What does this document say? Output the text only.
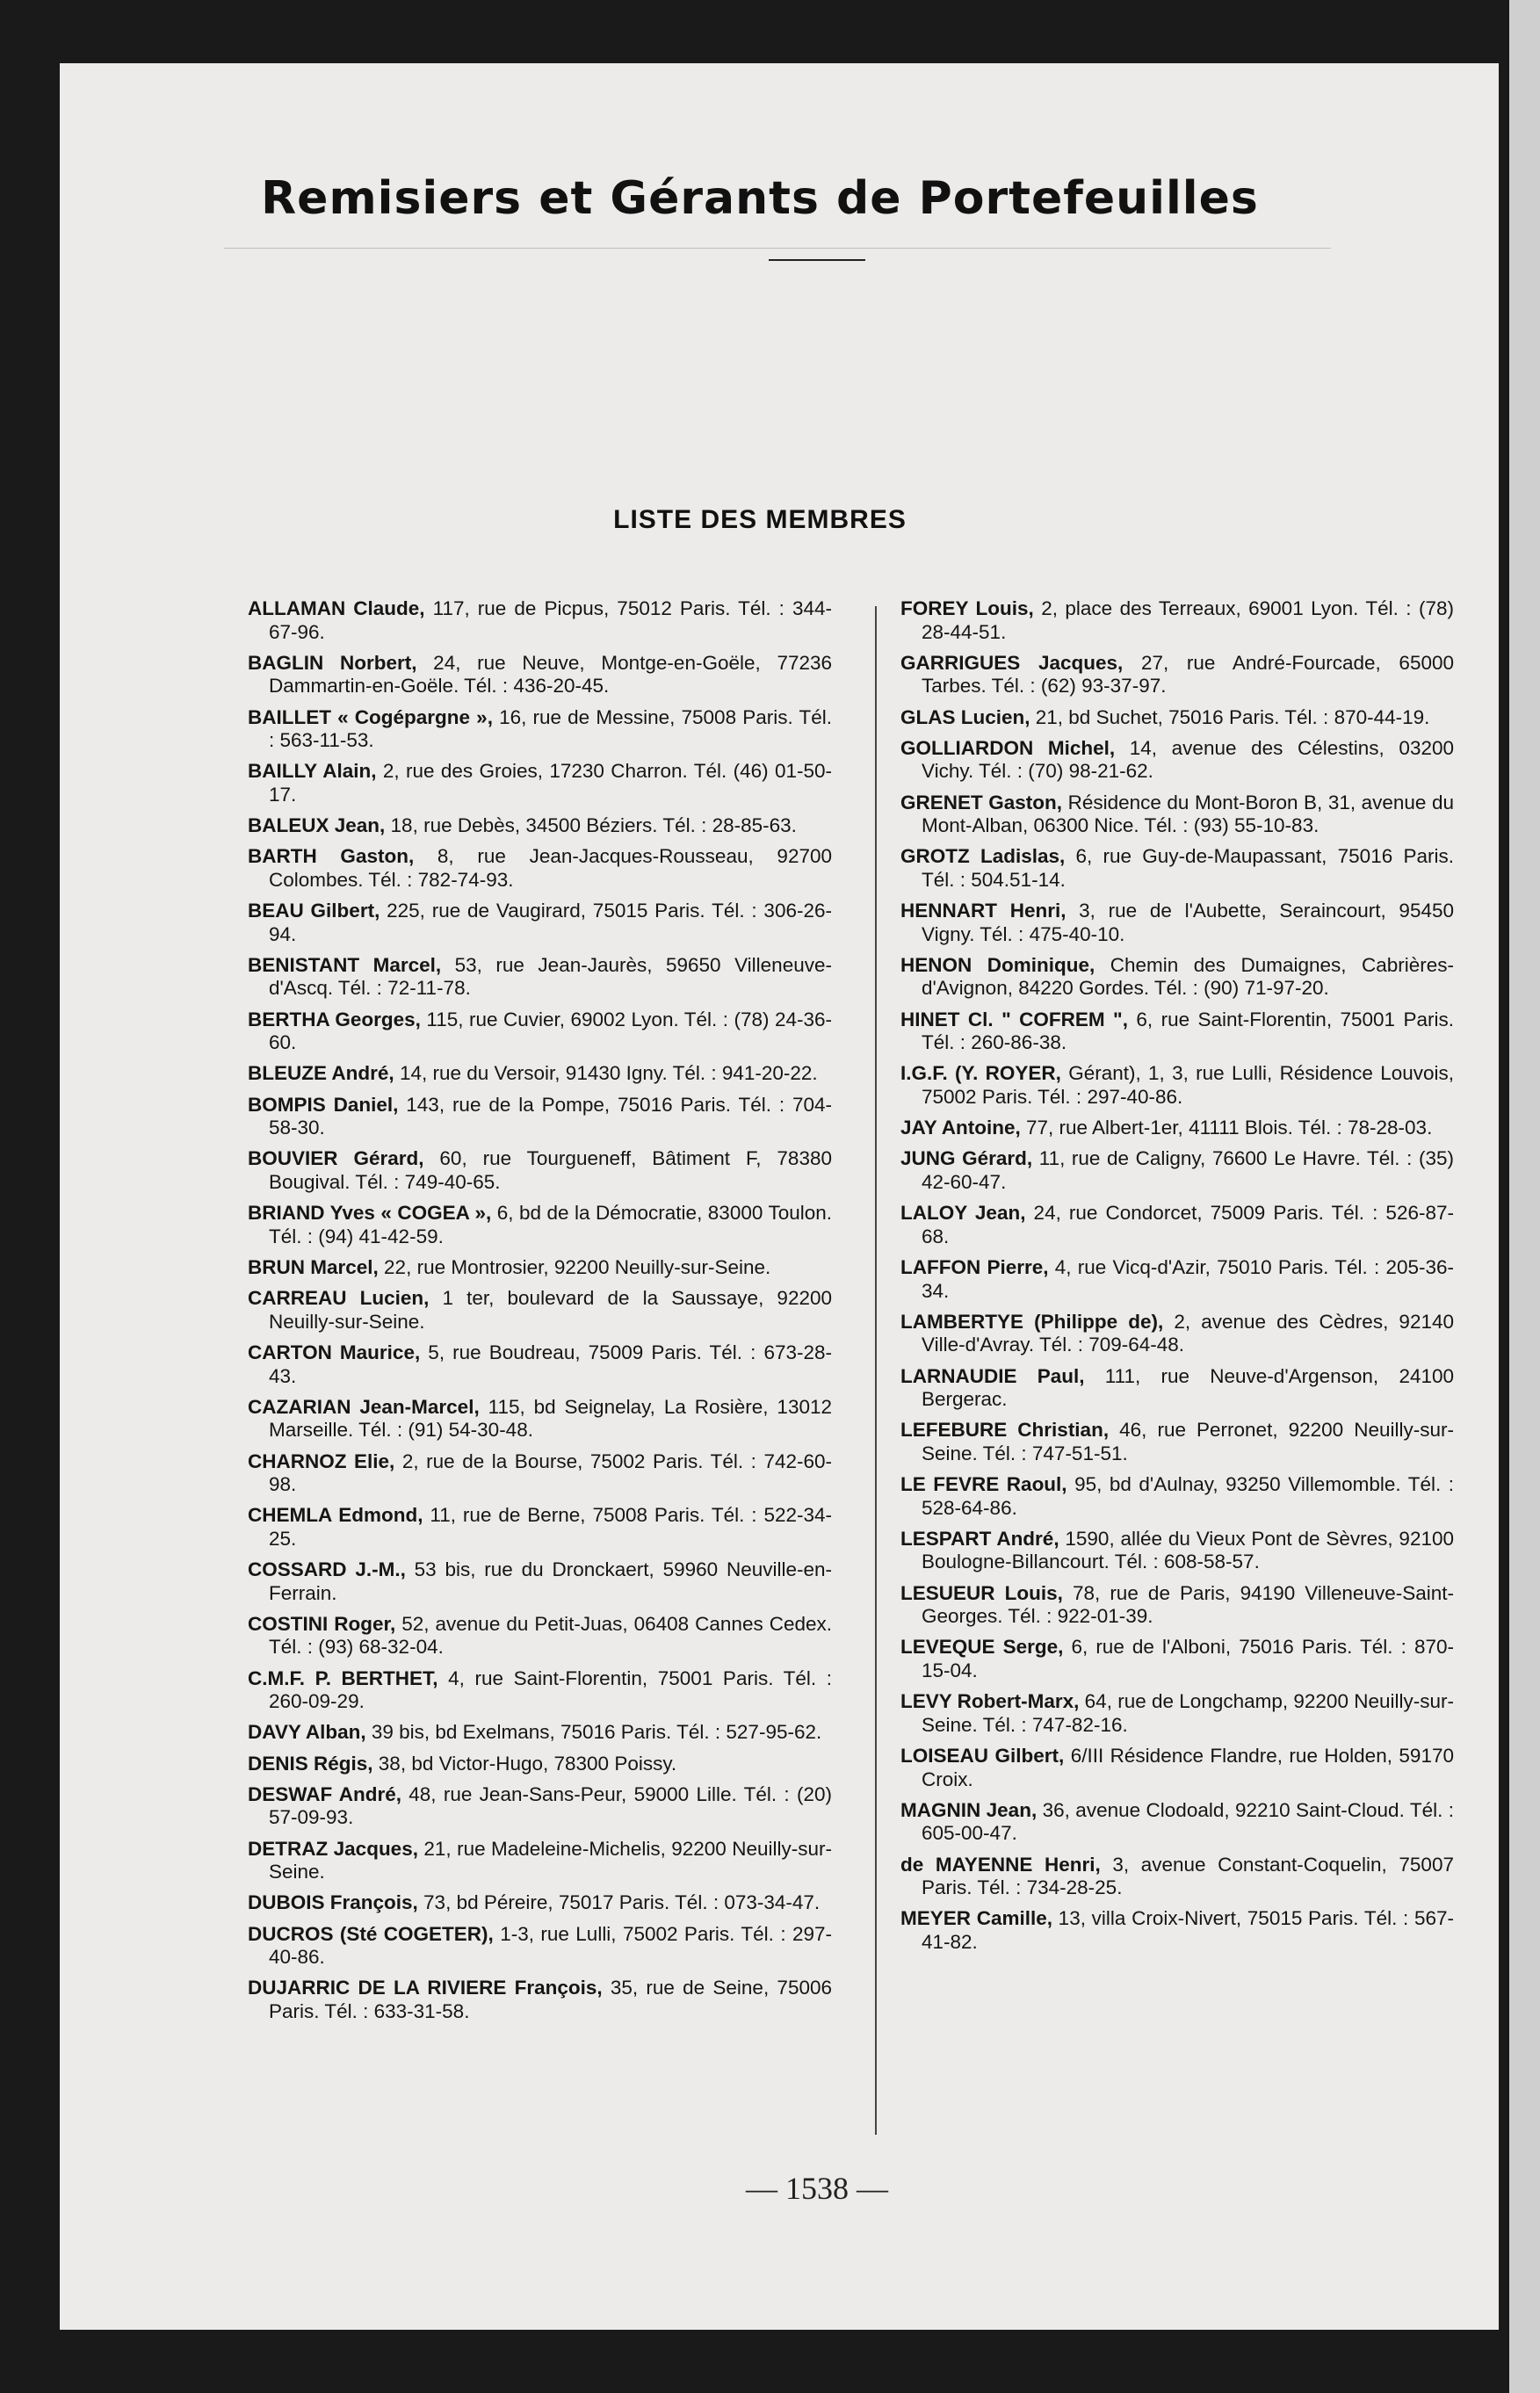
Remisiers et Gérants de Portefeuilles
LISTE DES MEMBRES

ALLAMAN Claude, 117, rue de Picpus, 75012 Paris. Tél. : 344-67-96.

BAGLIN Norbert, 24, rue Neuve, Montge-en-Goële, 77236 Dammartin-en-Goële. Tél. : 436-20-45.

BAILLET « Cogépargne », 16, rue de Messine, 75008 Paris. Tél. : 563-11-53.

BAILLY Alain, 2, rue des Groies, 17230 Charron. Tél. (46) 01-50-17.

BALEUX Jean, 18, rue Debès, 34500 Béziers. Tél. : 28-85-63.

BARTH Gaston, 8, rue Jean-Jacques-Rousseau, 92700 Colombes. Tél. : 782-74-93.

BEAU Gilbert, 225, rue de Vaugirard, 75015 Paris. Tél. : 306-26-94.

BENISTANT Marcel, 53, rue Jean-Jaurès, 59650 Villeneuve-d'Ascq. Tél. : 72-11-78.

BERTHA Georges, 115, rue Cuvier, 69002 Lyon. Tél. : (78) 24-36-60.

BLEUZE André, 14, rue du Versoir, 91430 Igny. Tél. : 941-20-22.

BOMPIS Daniel, 143, rue de la Pompe, 75016 Paris. Tél. : 704-58-30.

BOUVIER Gérard, 60, rue Tourgueneff, Bâtiment F, 78380 Bougival. Tél. : 749-40-65.

BRIAND Yves « COGEA », 6, bd de la Démocratie, 83000 Toulon. Tél. : (94) 41-42-59.

BRUN Marcel, 22, rue Montrosier, 92200 Neuilly-sur-Seine.

CARREAU Lucien, 1 ter, boulevard de la Saussaye, 92200 Neuilly-sur-Seine.

CARTON Maurice, 5, rue Boudreau, 75009 Paris. Tél. : 673-28-43.

CAZARIAN Jean-Marcel, 115, bd Seignelay, La Rosière, 13012 Marseille. Tél. : (91) 54-30-48.

CHARNOZ Elie, 2, rue de la Bourse, 75002 Paris. Tél. : 742-60-98.

CHEMLA Edmond, 11, rue de Berne, 75008 Paris. Tél. : 522-34-25.

COSSARD J.-M., 53 bis, rue du Dronckaert, 59960 Neuville-en-Ferrain.

COSTINI Roger, 52, avenue du Petit-Juas, 06408 Cannes Cedex. Tél. : (93) 68-32-04.

C.M.F. P. BERTHET, 4, rue Saint-Florentin, 75001 Paris. Tél. : 260-09-29.

DAVY Alban, 39 bis, bd Exelmans, 75016 Paris. Tél. : 527-95-62.

DENIS Régis, 38, bd Victor-Hugo, 78300 Poissy.

DESWAF André, 48, rue Jean-Sans-Peur, 59000 Lille. Tél. : (20) 57-09-93.

DETRAZ Jacques, 21, rue Madeleine-Michelis, 92200 Neuilly-sur-Seine.

DUBOIS François, 73, bd Péreire, 75017 Paris. Tél. : 073-34-47.

DUCROS (Sté COGETER), 1-3, rue Lulli, 75002 Paris. Tél. : 297-40-86.

DUJARRIC DE LA RIVIERE François, 35, rue de Seine, 75006 Paris. Tél. : 633-31-58.

FOREY Louis, 2, place des Terreaux, 69001 Lyon. Tél. : (78) 28-44-51.

GARRIGUES Jacques, 27, rue André-Fourcade, 65000 Tarbes. Tél. : (62) 93-37-97.

GLAS Lucien, 21, bd Suchet, 75016 Paris. Tél. : 870-44-19.

GOLLIARDON Michel, 14, avenue des Célestins, 03200 Vichy. Tél. : (70) 98-21-62.

GRENET Gaston, Résidence du Mont-Boron B, 31, avenue du Mont-Alban, 06300 Nice. Tél. : (93) 55-10-83.

GROTZ Ladislas, 6, rue Guy-de-Maupassant, 75016 Paris. Tél. : 504.51-14.

HENNART Henri, 3, rue de l'Aubette, Seraincourt, 95450 Vigny. Tél. : 475-40-10.

HENON Dominique, Chemin des Dumaignes, Cabrières-d'Avignon, 84220 Gordes. Tél. : (90) 71-97-20.

HINET Cl. " COFREM ", 6, rue Saint-Florentin, 75001 Paris. Tél. : 260-86-38.

I.G.F. (Y. ROYER, Gérant), 1, 3, rue Lulli, Résidence Louvois, 75002 Paris. Tél. : 297-40-86.

JAY Antoine, 77, rue Albert-1er, 41111 Blois. Tél. : 78-28-03.

JUNG Gérard, 11, rue de Caligny, 76600 Le Havre. Tél. : (35) 42-60-47.

LALOY Jean, 24, rue Condorcet, 75009 Paris. Tél. : 526-87-68.

LAFFON Pierre, 4, rue Vicq-d'Azir, 75010 Paris. Tél. : 205-36-34.

LAMBERTYE (Philippe de), 2, avenue des Cèdres, 92140 Ville-d'Avray. Tél. : 709-64-48.

LARNAUDIE Paul, 111, rue Neuve-d'Argenson, 24100 Bergerac.

LEFEBURE Christian, 46, rue Perronet, 92200 Neuilly-sur-Seine. Tél. : 747-51-51.

LE FEVRE Raoul, 95, bd d'Aulnay, 93250 Villemomble. Tél. : 528-64-86.

LESPART André, 1590, allée du Vieux Pont de Sèvres, 92100 Boulogne-Billancourt. Tél. : 608-58-57.

LESUEUR Louis, 78, rue de Paris, 94190 Villeneuve-Saint-Georges. Tél. : 922-01-39.

LEVEQUE Serge, 6, rue de l'Alboni, 75016 Paris. Tél. : 870-15-04.

LEVY Robert-Marx, 64, rue de Longchamp, 92200 Neuilly-sur-Seine. Tél. : 747-82-16.

LOISEAU Gilbert, 6/III Résidence Flandre, rue Holden, 59170 Croix.

MAGNIN Jean, 36, avenue Clodoald, 92210 Saint-Cloud. Tél. : 605-00-47.

de MAYENNE Henri, 3, avenue Constant-Coquelin, 75007 Paris. Tél. : 734-28-25.

MEYER Camille, 13, villa Croix-Nivert, 75015 Paris. Tél. : 567-41-82.

— 1538 —
